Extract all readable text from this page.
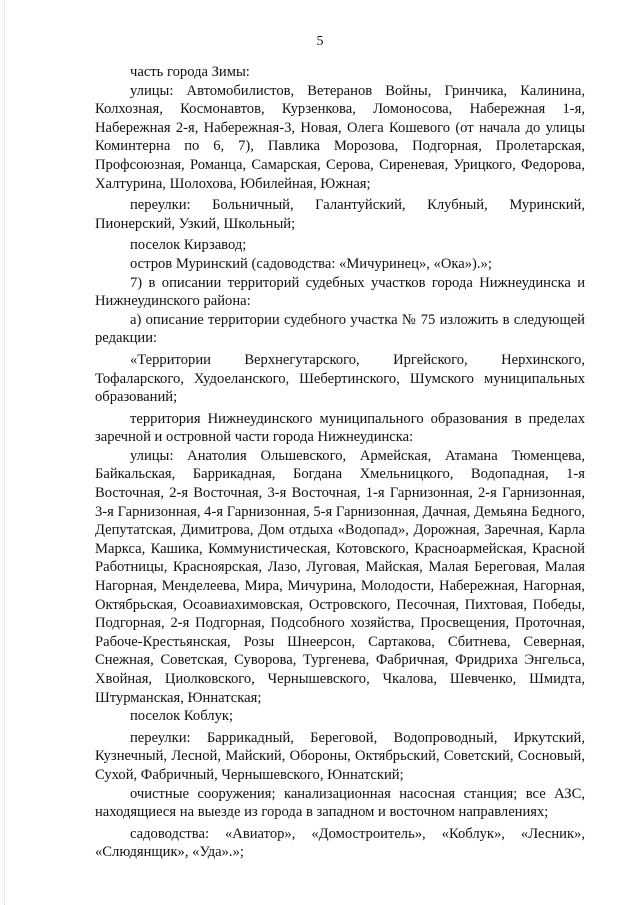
5

часть города Зимы:

улицы: Автомобилистов, Ветеранов Войны, Гринчика, Калинина, Колхозная, Космонавтов, Курзенкова, Ломоносова, Набережная 1-я, Набережная 2-я, Набережная-3, Новая, Олега Кошевого (от начала до улицы Коминтерна по 6, 7), Павлика Морозова, Подгорная, Пролетарская, Профсоюзная, Романца, Самарская, Серова, Сиреневая, Урицкого, Федорова, Халтурина, Шолохова, Юбилейная, Южная;

переулки: Больничный, Галантуйский, Клубный, Муринский, Пионерский, Узкий, Школьный;

поселок Кирзавод;

остров Муринский (садоводства: «Мичуринец», «Ока»).»;

7) в описании территорий судебных участков города Нижнеудинска и Нижнеудинского района:

а) описание территории судебного участка № 75 изложить в следующей редакции:

«Территории Верхнегутарского, Иргейского, Нерхинского, Тофаларского, Худоеланского, Шебертинского, Шумского муниципальных образований;

территория Нижнеудинского муниципального образования в пределах заречной и островной части города Нижнеудинска:

улицы: Анатолия Ольшевского, Армейская, Атамана Тюменцева, Байкальская, Баррикадная, Богдана Хмельницкого, Водопадная, 1-я Восточная, 2-я Восточная, 3-я Восточная, 1-я Гарнизонная, 2-я Гарнизонная, 3-я Гарнизонная, 4-я Гарнизонная, 5-я Гарнизонная, Дачная, Демьяна Бедного, Депутатская, Димитрова, Дом отдыха «Водопад», Дорожная, Заречная, Карла Маркса, Кашика, Коммунистическая, Котовского, Красноармейская, Красной Работницы, Красноярская, Лазо, Луговая, Майская, Малая Береговая, Малая Нагорная, Менделеева, Мира, Мичурина, Молодости, Набережная, Нагорная, Октябрьская, Осоавиахимовская, Островского, Песочная, Пихтовая, Победы, Подгорная, 2-я Подгорная, Подсобного хозяйства, Просвещения, Проточная, Рабоче-Крестьянская, Розы Шнеерсон, Сартакова, Сбитнева, Северная, Снежная, Советская, Суворова, Тургенева, Фабричная, Фридриха Энгельса, Хвойная, Циолковского, Чернышевского, Чкалова, Шевченко, Шмидта, Штурманская, Юннатская;

поселок Коблук;

переулки: Баррикадный, Береговой, Водопроводный, Иркутский, Кузнечный, Лесной, Майский, Обороны, Октябрьский, Советский, Сосновый, Сухой, Фабричный, Чернышевского, Юннатский;

очистные сооружения; канализационная насосная станция; все АЗС, находящиеся на выезде из города в западном и восточном направлениях;

садоводства: «Авиатор», «Домостроитель», «Коблук», «Лесник», «Слюдянщик», «Уда».»;
